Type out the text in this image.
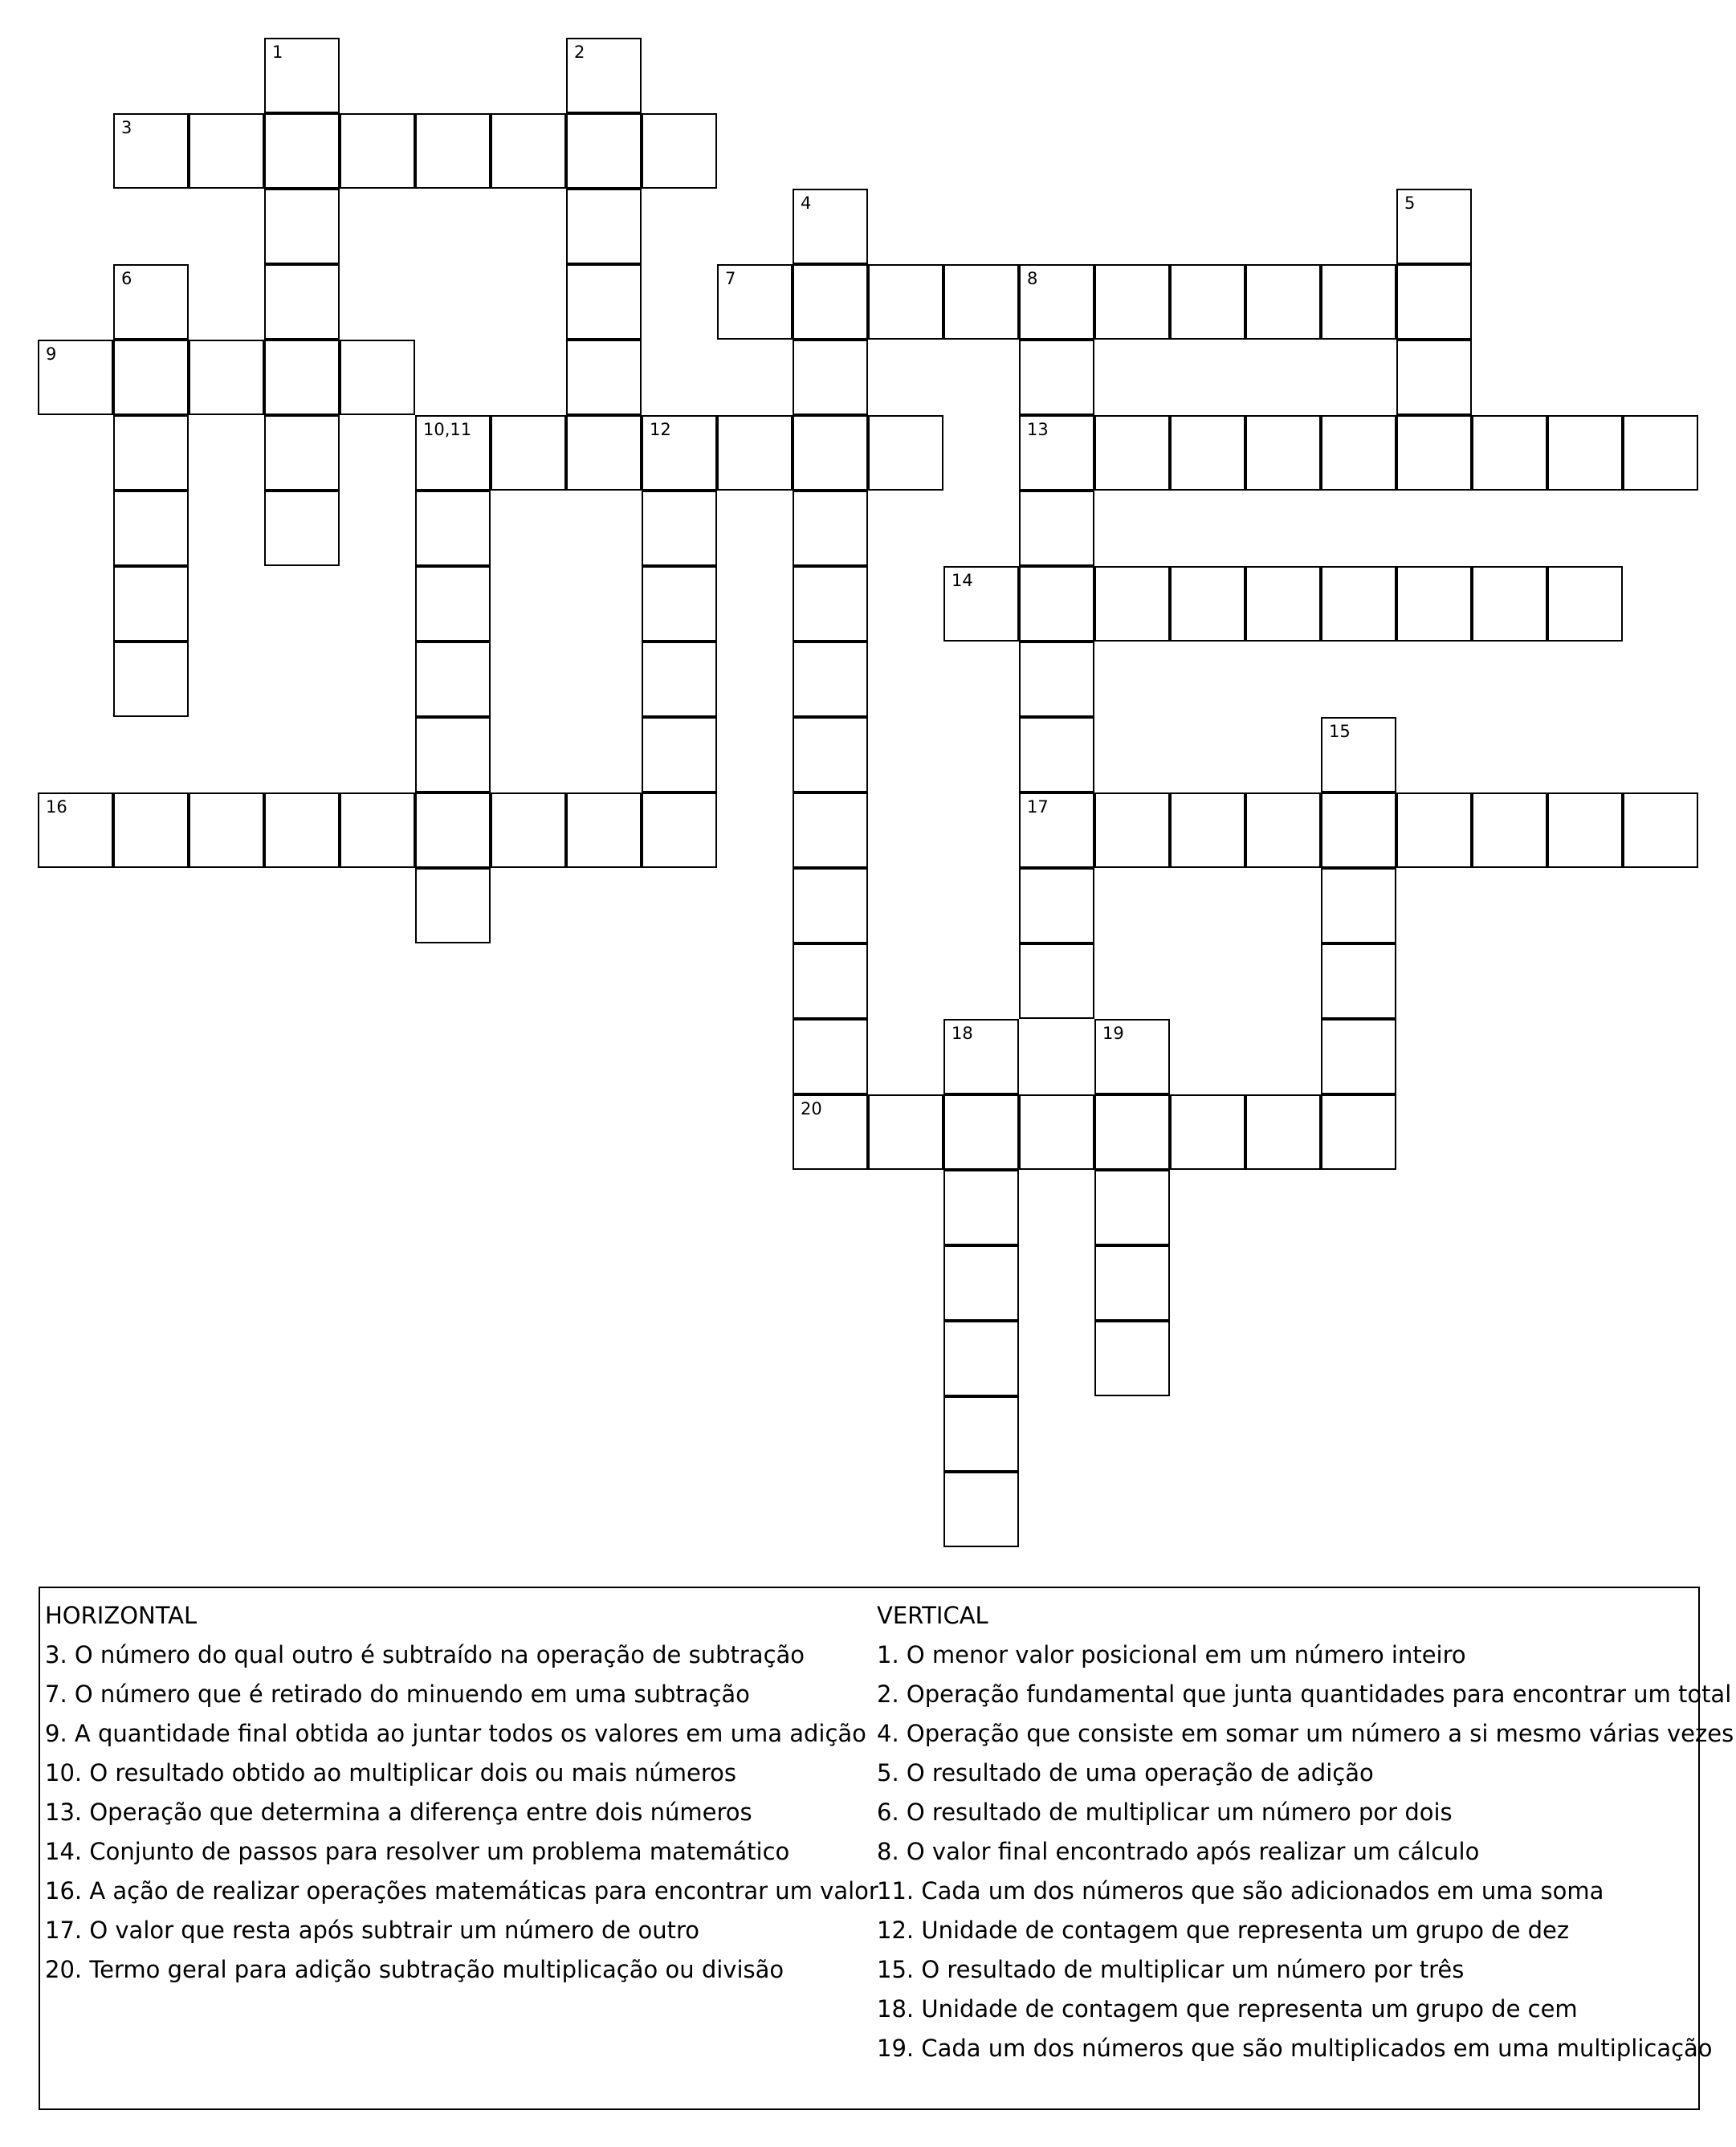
1	2
3
4	5
6	7	8
13
17
9
10,11	12
14
15
16
18	19
20
HORIZONTAL
3. O número do qual outro é subtraído na operação de subtração
7. O número que é retirado do minuendo em uma subtração
9. A quantidade final obtida ao juntar todos os valores em uma adição
10. O resultado obtido ao multiplicar dois ou mais números
13. Operação que determina a diferença entre dois números
14. Conjunto de passos para resolver um problema matemático
16. A ação de realizar operações matemáticas para encontrar um valor
17. O valor que resta após subtrair um número de outro
20. Termo geral para adição subtração multiplicação ou divisão
VERTICAL
1. O menor valor posicional em um número inteiro
2. Operação fundamental que junta quantidades para encontrar um total
4. Operação que consiste em somar um número a si mesmo várias vezes
5. O resultado de uma operação de adição
6. O resultado de multiplicar um número por dois
8. O valor final encontrado após realizar um cálculo
11. Cada um dos números que são adicionados em uma soma
12. Unidade de contagem que representa um grupo de dez
15. O resultado de multiplicar um número por três
18. Unidade de contagem que representa um grupo de cem
19. Cada um dos números que são multiplicados em uma multiplicação
